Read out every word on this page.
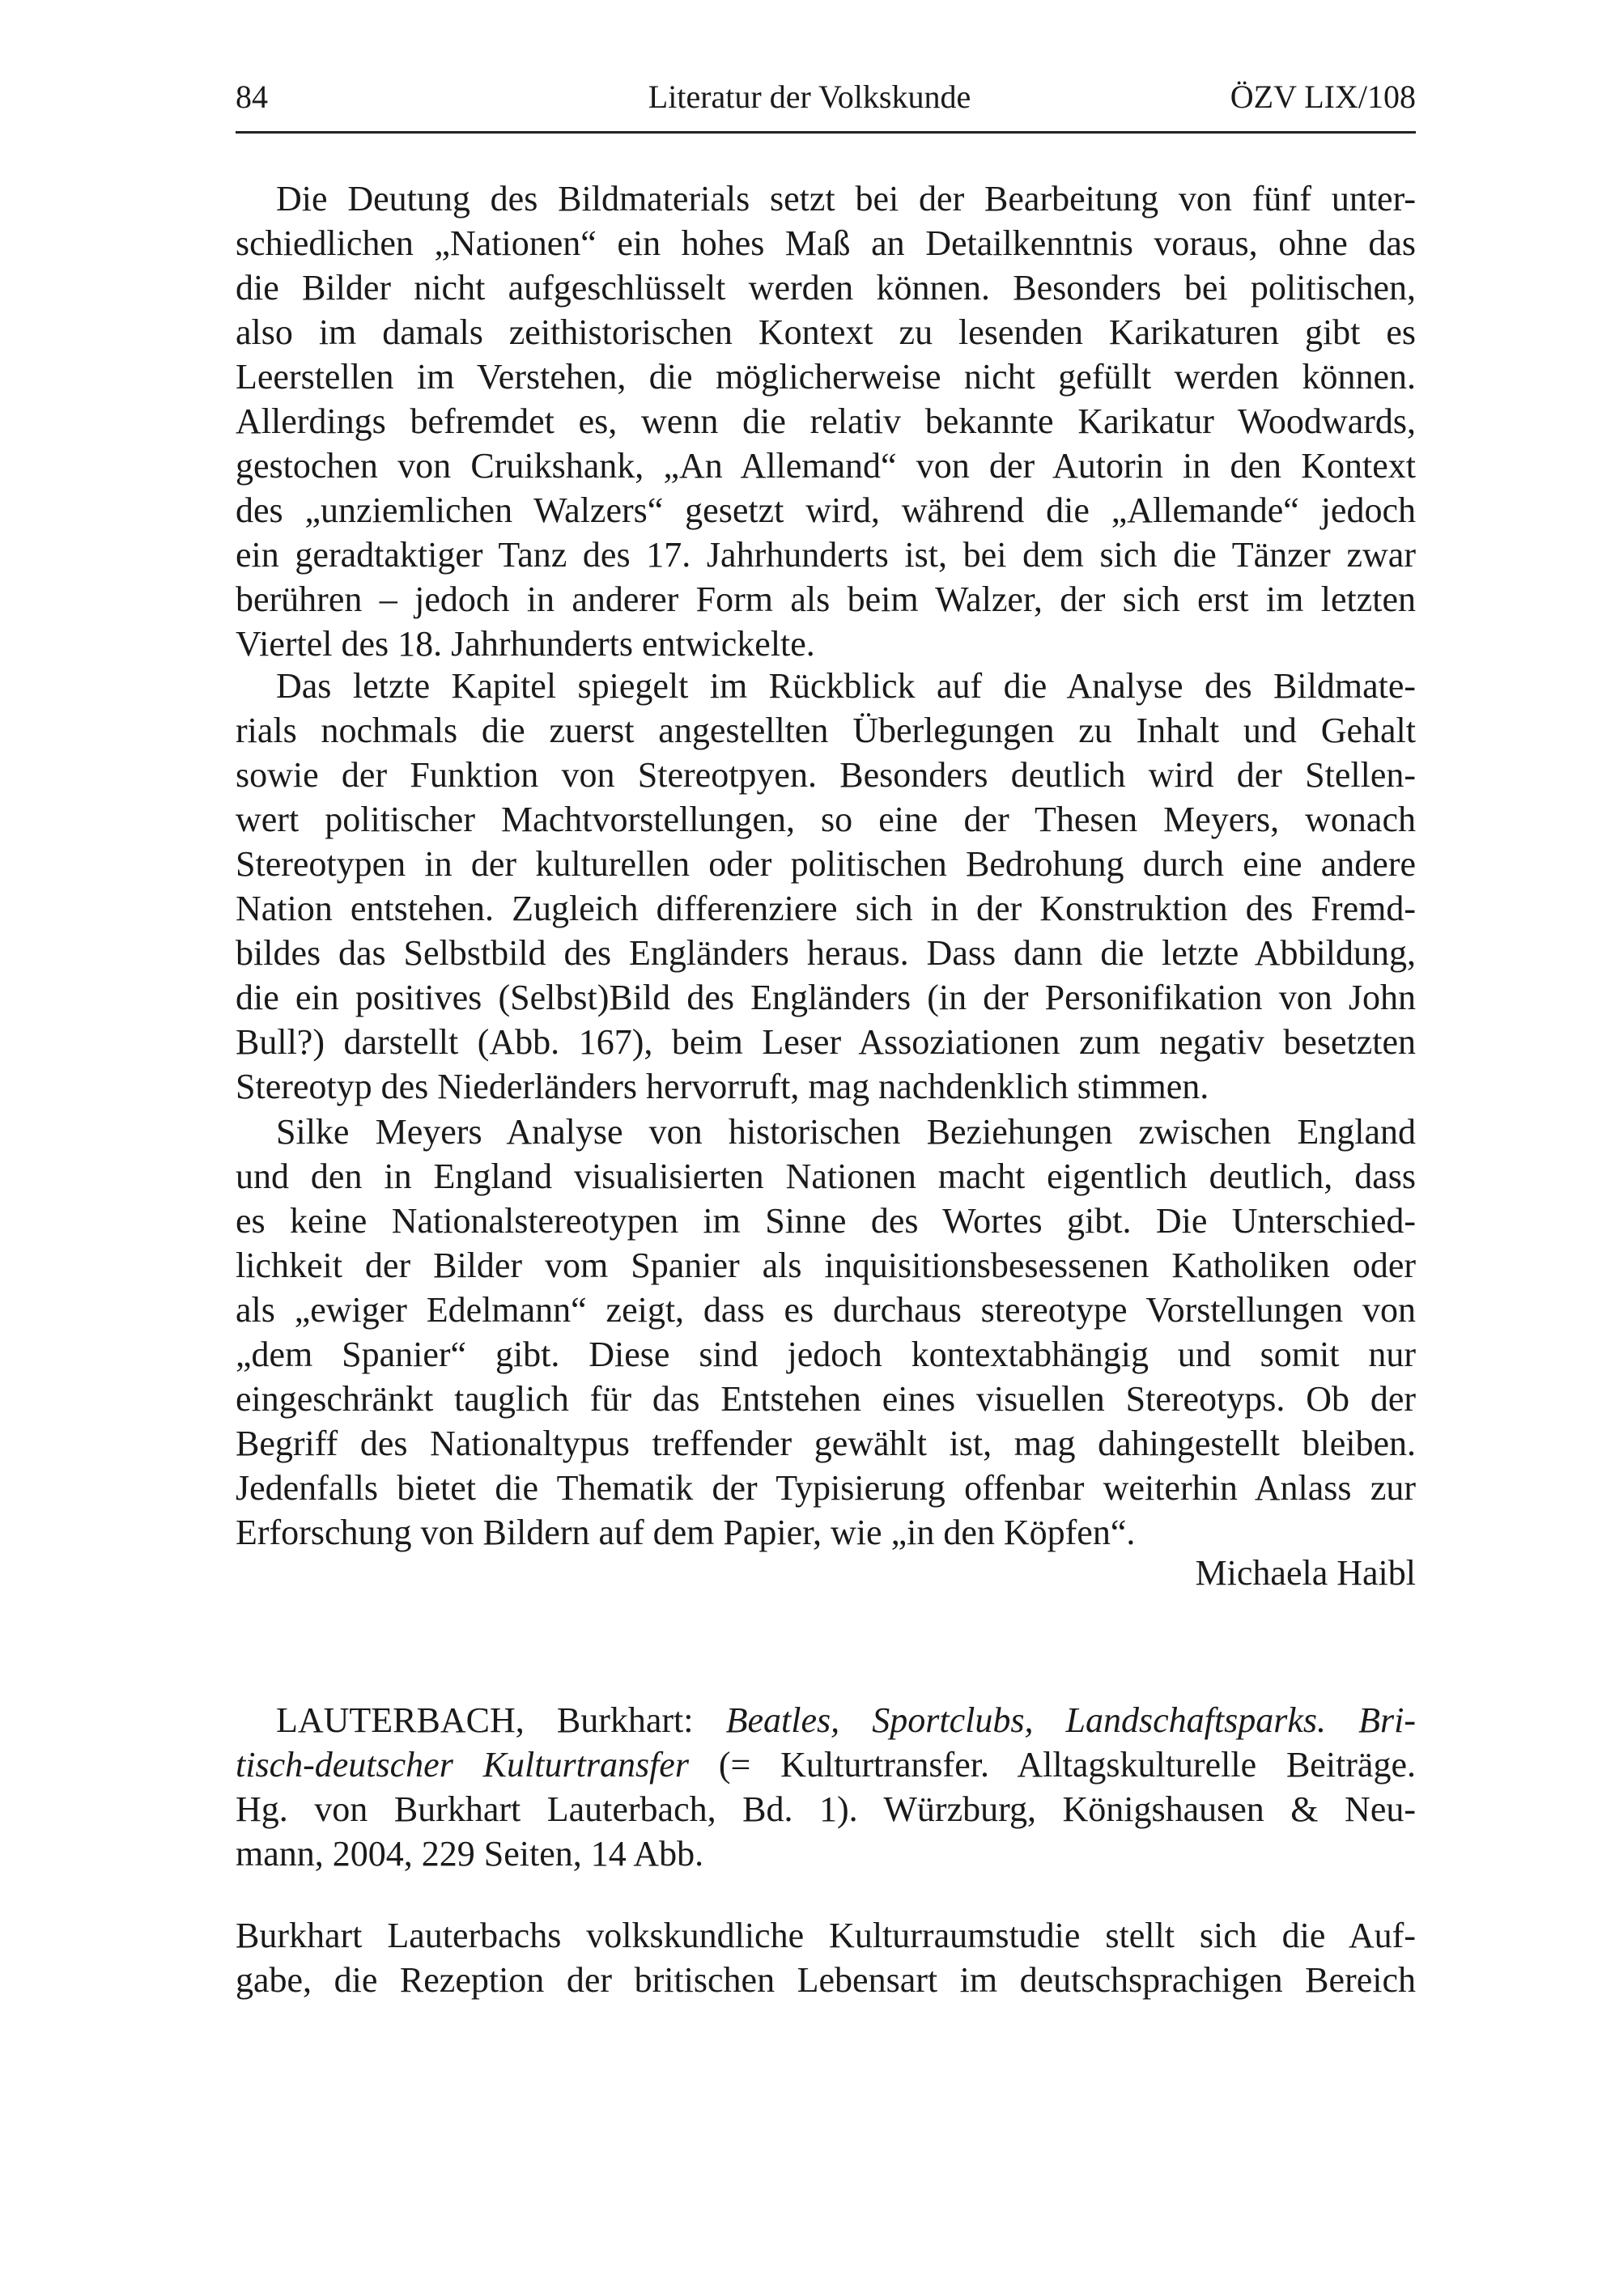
84	Literatur der Volkskunde	ÖZV LIX/108
Die Deutung des Bildmaterials setzt bei der Bearbeitung von fünf unter-
schiedlichen „Nationen“ ein hohes Maß an Detailkenntnis voraus, ohne das
die Bilder nicht aufgeschlüsselt werden können. Besonders bei politischen,
also im damals zeithistorischen Kontext zu lesenden Karikaturen gibt es
Leerstellen im Verstehen, die möglicherweise nicht gefüllt werden können.
Allerdings befremdet es, wenn die relativ bekannte Karikatur Woodwards,
gestochen von Cruikshank, „An Allemand“ von der Autorin in den Kontext
des „unziemlichen Walzers“ gesetzt wird, während die „Allemande“ jedoch
ein geradtaktiger Tanz des 17. Jahrhunderts ist, bei dem sich die Tänzer zwar
berühren – jedoch in anderer Form als beim Walzer, der sich erst im letzten
Viertel des 18. Jahrhunderts entwickelte.
Das letzte Kapitel spiegelt im Rückblick auf die Analyse des Bildmate-
rials nochmals die zuerst angestellten Überlegungen zu Inhalt und Gehalt
sowie der Funktion von Stereotpyen. Besonders deutlich wird der Stellen-
wert politischer Machtvorstellungen, so eine der Thesen Meyers, wonach
Stereotypen in der kulturellen oder politischen Bedrohung durch eine andere
Nation entstehen. Zugleich differenziere sich in der Konstruktion des Fremd-
bildes das Selbstbild des Engländers heraus. Dass dann die letzte Abbildung,
die ein positives (Selbst)Bild des Engländers (in der Personifikation von John
Bull?) darstellt (Abb. 167), beim Leser Assoziationen zum negativ besetzten
Stereotyp des Niederländers hervorruft, mag nachdenklich stimmen.
Silke Meyers Analyse von historischen Beziehungen zwischen England
und den in England visualisierten Nationen macht eigentlich deutlich, dass
es keine Nationalstereotypen im Sinne des Wortes gibt. Die Unterschied-
lichkeit der Bilder vom Spanier als inquisitionsbesessenen Katholiken oder
als „ewiger Edelmann“ zeigt, dass es durchaus stereotype Vorstellungen von
„dem Spanier“ gibt. Diese sind jedoch kontextabhängig und somit nur
eingeschränkt tauglich für das Entstehen eines visuellen Stereotyps. Ob der
Begriff des Nationaltypus treffender gewählt ist, mag dahingestellt bleiben.
Jedenfalls bietet die Thematik der Typisierung offenbar weiterhin Anlass zur
Erforschung von Bildern auf dem Papier, wie „in den Köpfen“.
Michaela Haibl
LAUTERBACH, Burkhart: Beatles, Sportclubs, Landschaftsparks. Bri-
tisch-deutscher Kulturtransfer (= Kulturtransfer. Alltagskulturelle Beiträge.
Hg. von Burkhart Lauterbach, Bd. 1). Würzburg, Königshausen & Neu-
mann, 2004, 229 Seiten, 14 Abb.
Burkhart Lauterbachs volkskundliche Kulturraumstudie stellt sich die Auf-
gabe, die Rezeption der britischen Lebensart im deutschsprachigen Bereich
